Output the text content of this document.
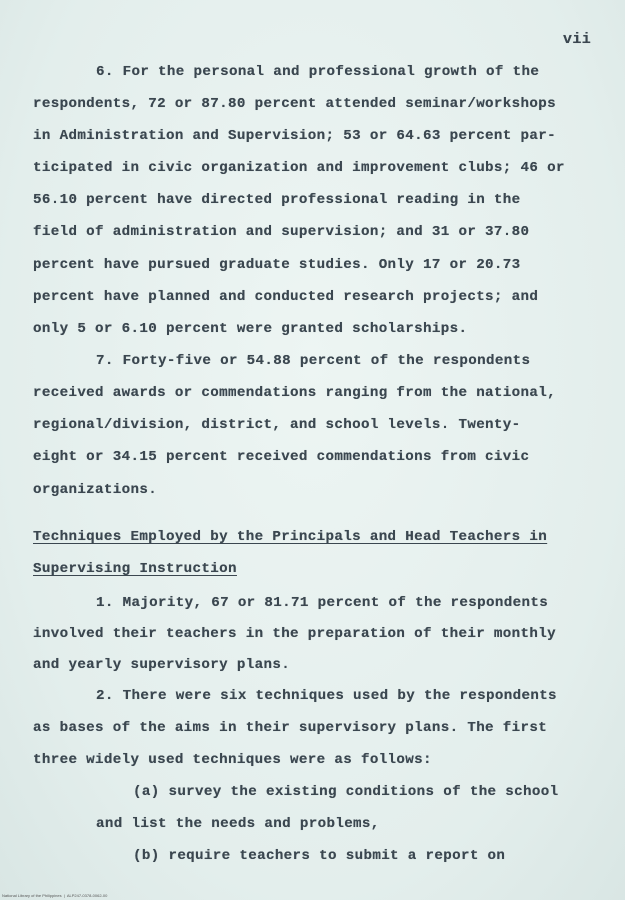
vii
6. For the personal and professional growth of the
respondents, 72 or 87.80 percent attended seminar/workshops
in Administration and Supervision; 53 or 64.63 percent par-
ticipated in civic organization and improvement clubs; 46 or
56.10 percent have directed professional reading in the
field of administration and supervision; and 31 or 37.80
percent have pursued graduate studies. Only 17 or 20.73
percent have planned and conducted research projects; and
only 5 or 6.10 percent were granted scholarships.
7. Forty-five or 54.88 percent of the respondents
received awards or commendations ranging from the national,
regional/division, district, and school levels. Twenty-
eight or 34.15 percent received commendations from civic
organizations.
Techniques Employed by the Principals and Head Teachers in
Supervising Instruction
1. Majority, 67 or 81.71 percent of the respondents
involved their teachers in the preparation of their monthly
and yearly supervisory plans.
2. There were six techniques used by the respondents
as bases of the aims in their supervisory plans. The first
three widely used techniques were as follows:
(a) survey the existing conditions of the school
and list the needs and problems,
(b) require teachers to submit a report on
National Library of the Philippines  |  ALP247-0378-0062-00
